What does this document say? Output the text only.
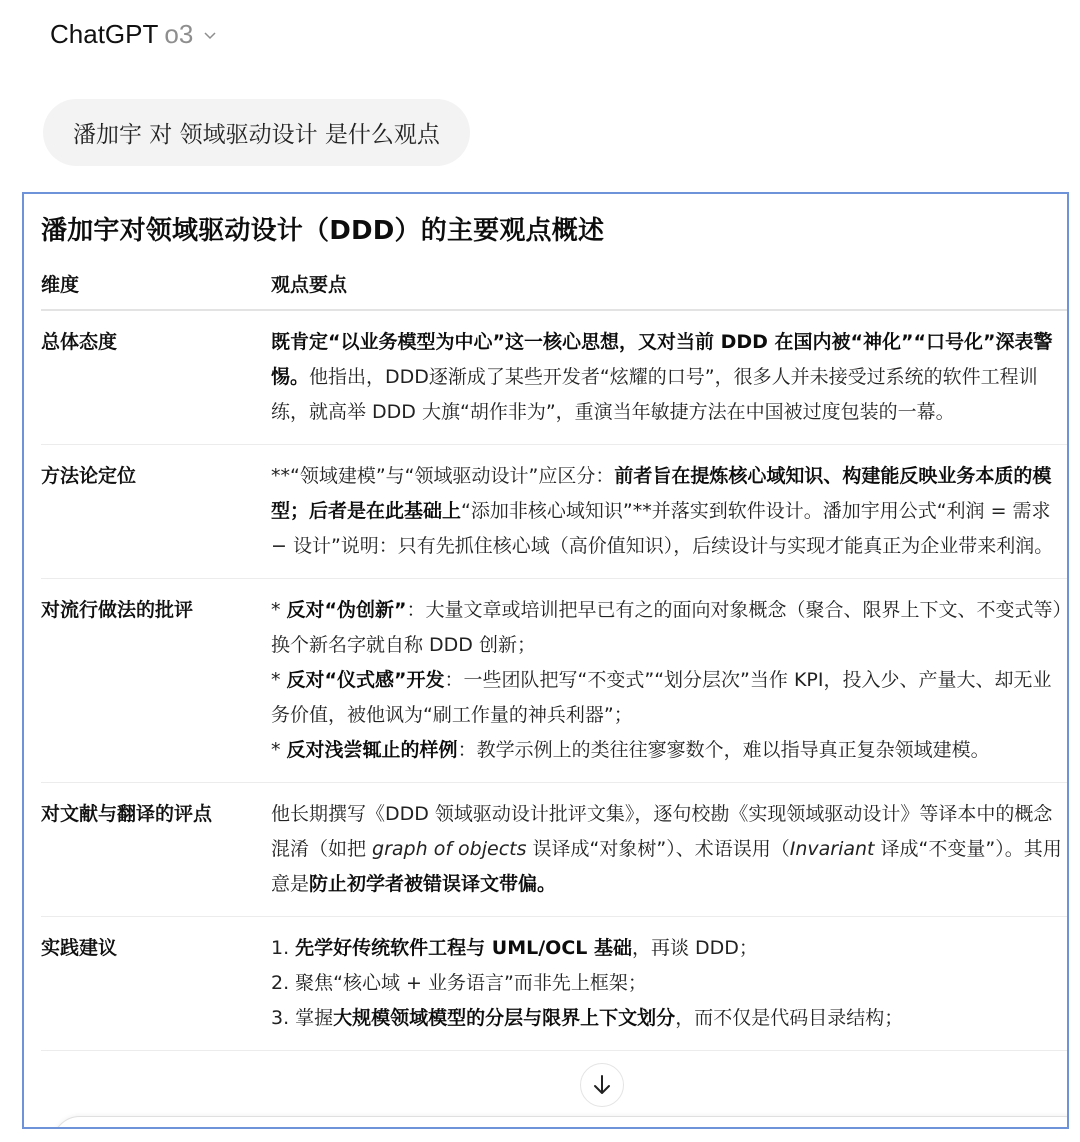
ChatGPT o3
潘加宇 对 领域驱动设计 是什么观点
潘加宇对领域驱动设计（DDD）的主要观点概述
维度	观点要点
总体态度	既肯定“以业务模型为中心”这一核心思想，又对当前 DDD 在国内被“神化”“口号化”深表警惕。他指出，DDD逐渐成了某些开发者“炫耀的口号”，很多人并未接受过系统的软件工程训练，就高举 DDD 大旗“胡作非为”，重演当年敏捷方法在中国被过度包装的一幕。
方法论定位	**“领域建模”与“领域驱动设计”应区分：前者旨在提炼核心域知识、构建能反映业务本质的模型；后者是在此基础上“添加非核心域知识”**并落实到软件设计。潘加宇用公式“利润 = 需求 − 设计”说明：只有先抓住核心域（高价值知识），后续设计与实现才能真正为企业带来利润。
对流行做法的批评	* 反对“伪创新”：大量文章或培训把早已有之的面向对象概念（聚合、限界上下文、不变式等）换个新名字就自称 DDD 创新；
* 反对“仪式感”开发：一些团队把写“不变式”“划分层次”当作 KPI，投入少、产量大、却无业务价值，被他讽为“刷工作量的神兵利器”；
* 反对浅尝辄止的样例：教学示例上的类往往寥寥数个，难以指导真正复杂领域建模。

对文献与翻译的评点	他长期撰写《DDD 领域驱动设计批评文集》，逐句校勘《实现领域驱动设计》等译本中的概念混淆（如把 graph of objects 误译成“对象树”）、术语误用（Invariant 译成“不变量”）。其用意是防止初学者被错误译文带偏。
实践建议	1. 先学好传统软件工程与 UML/OCL 基础，再谈 DDD；
2. 聚焦“核心域 + 业务语言”而非先上框架；
3. 掌握大规模领域模型的分层与限界上下文划分，而不仅是代码目录结构；
